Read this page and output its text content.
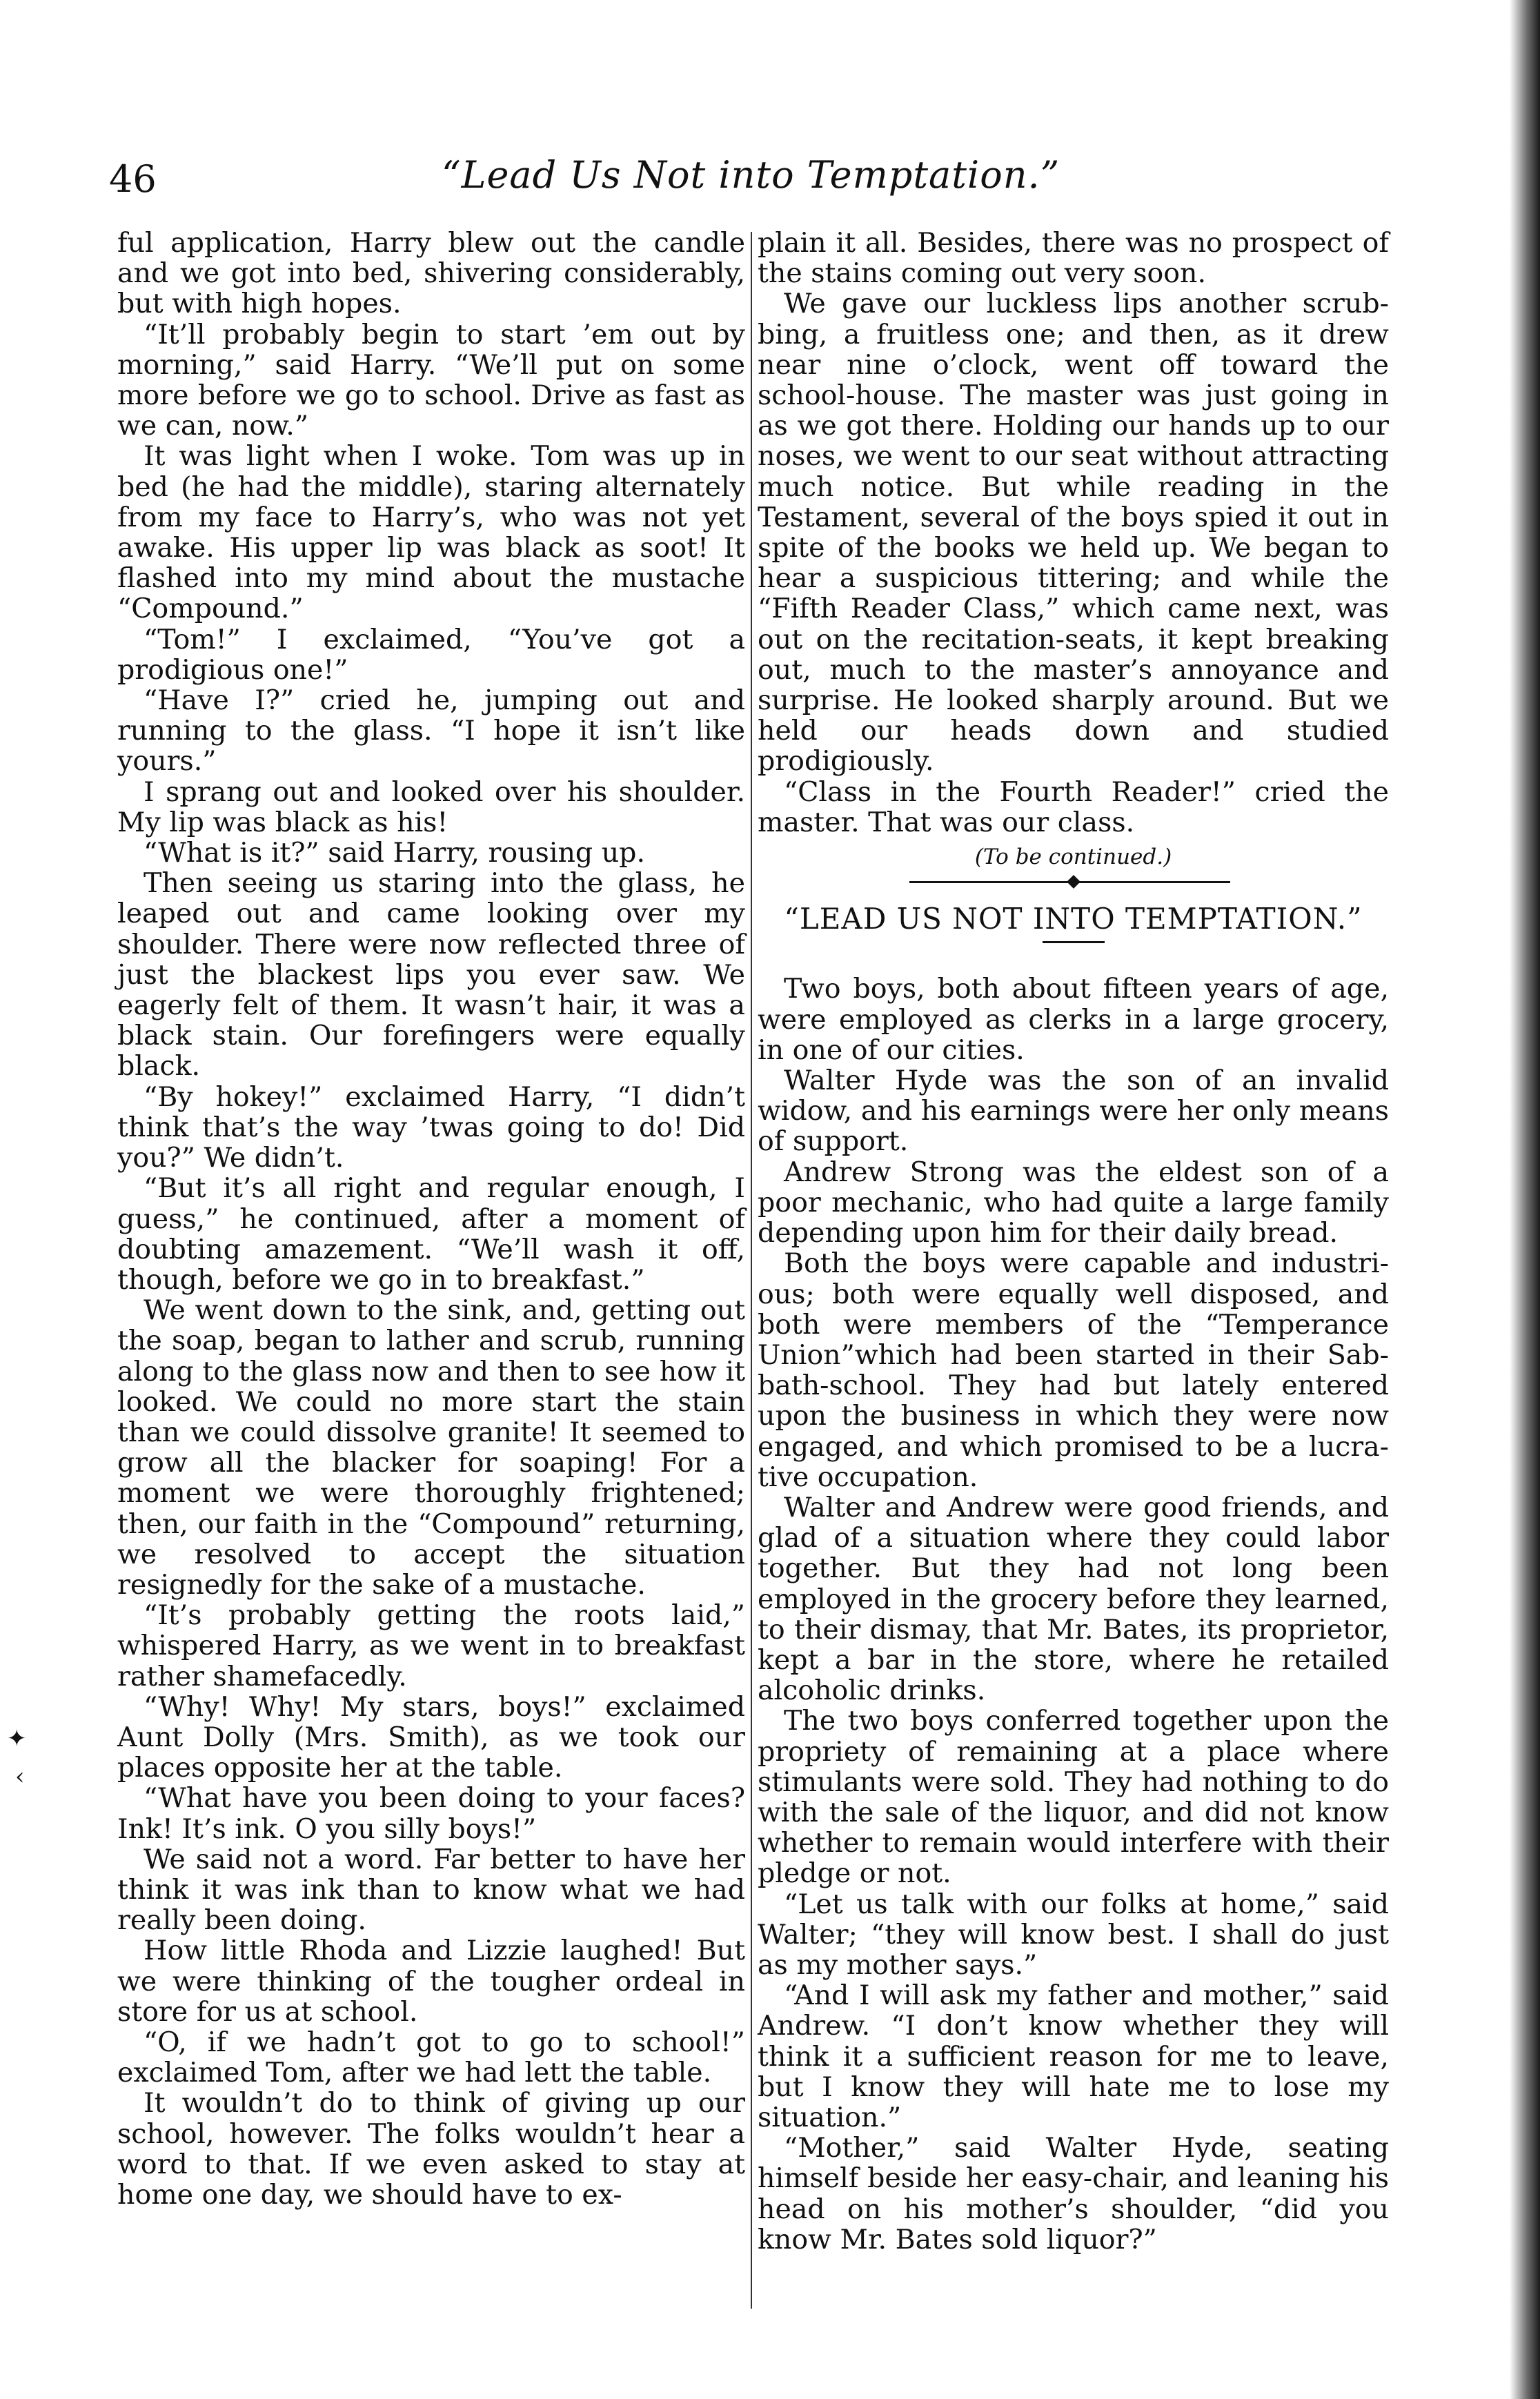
46	“Lead Us Not into Temptation.”

ful application, Harry blew out the candle and we got into bed, shivering considerably, but with high hopes.

“It’ll probably begin to start ’em out by morning,” said Harry. “We’ll put on some more before we go to school. Drive as fast as we can, now.”

It was light when I woke. Tom was up in bed (he had the middle), staring alternately from my face to Harry’s, who was not yet awake. His upper lip was black as soot! It flashed into my mind about the mustache “Compound.”

“Tom!” I exclaimed, “You’ve got a prodigious one!”

“Have I?” cried he, jumping out and running to the glass. “I hope it isn’t like yours.”

I sprang out and looked over his shoulder. My lip was black as his!

“What is it?” said Harry, rousing up.

Then seeing us staring into the glass, he leaped out and came looking over my shoulder. There were now reflected three of just the blackest lips you ever saw. We eagerly felt of them. It wasn’t hair, it was a black stain. Our forefingers were equally black.

“By hokey!” exclaimed Harry, “I didn’t think that’s the way ’twas going to do! Did you?” We didn’t.

“But it’s all right and regular enough, I guess,” he continued, after a moment of doubting amazement. “We’ll wash it off, though, before we go in to breakfast.”

We went down to the sink, and, getting out the soap, began to lather and scrub, running along to the glass now and then to see how it looked. We could no more start the stain than we could dissolve granite! It seemed to grow all the blacker for soaping! For a moment we were thoroughly frightened; then, our faith in the “Compound” returning, we resolved to accept the situation resignedly for the sake of a mustache.

“It’s probably getting the roots laid,” whispered Harry, as we went in to breakfast rather shamefacedly.

“Why! Why! My stars, boys!” exclaimed Aunt Dolly (Mrs. Smith), as we took our places opposite her at the table.

“What have you been doing to your faces? Ink! It’s ink. O you silly boys!”

We said not a word. Far better to have her think it was ink than to know what we had really been doing.

How little Rhoda and Lizzie laughed! But we were thinking of the tougher ordeal in store for us at school.

“O, if we hadn’t got to go to school!” exclaimed Tom, after we had lett the table.

It wouldn’t do to think of giving up our school, however. The folks wouldn’t hear a word to that. If we even asked to stay at home one day, we should have to ex-

plain it all. Besides, there was no prospect of the stains coming out very soon.

We gave our luckless lips another scrubbing, a fruitless one; and then, as it drew near nine o’clock, went off toward the school-house. The master was just going in as we got there. Holding our hands up to our noses, we went to our seat without attracting much notice. But while reading in the Testament, several of the boys spied it out in spite of the books we held up. We began to hear a suspicious tittering; and while the “Fifth Reader Class,” which came next, was out on the recitation-seats, it kept breaking out, much to the master’s annoyance and surprise. He looked sharply around. But we held our heads down and studied prodigiously.

“Class in the Fourth Reader!” cried the master. That was our class.

(To be continued.)
“LEAD US NOT INTO TEMPTATION.”

Two boys, both about fifteen years of age, were employed as clerks in a large grocery, in one of our cities.

Walter Hyde was the son of an invalid widow, and his earnings were her only means of support.

Andrew Strong was the eldest son of a poor mechanic, who had quite a large family depending upon him for their daily bread.

Both the boys were capable and industrious; both were equally well disposed, and both were members of the “Temperance Union”which had been started in their Sabbath-school. They had but lately entered upon the business in which they were now engaged, and which promised to be a lucrative occupation.

Walter and Andrew were good friends, and glad of a situation where they could labor together. But they had not long been employed in the grocery before they learned, to their dismay, that Mr. Bates, its proprietor, kept a bar in the store, where he retailed alcoholic drinks.

The two boys conferred together upon the propriety of remaining at a place where stimulants were sold. They had nothing to do with the sale of the liquor, and did not know whether to remain would interfere with their pledge or not.

“Let us talk with our folks at home,” said Walter; “they will know best. I shall do just as my mother says.”

“And I will ask my father and mother,” said Andrew. “I don’t know whether they will think it a sufficient reason for me to leave, but I know they will hate me to lose my situation.”

“Mother,” said Walter Hyde, seating himself beside her easy-chair, and leaning his head on his mother’s shoulder, “did you know Mr. Bates sold liquor?”

✦
‹
